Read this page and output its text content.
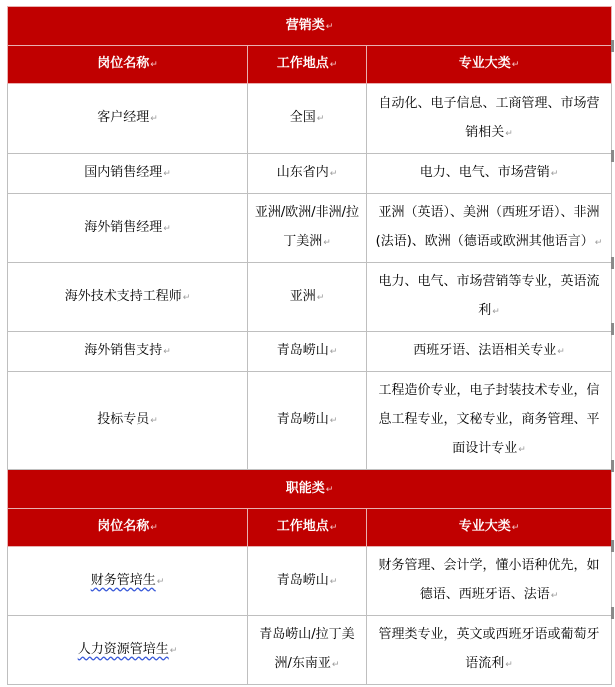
营销类↵		
岗位名称↵	工作地点↵	专业大类↵
客户经理↵	全国↵	自动化、电子信息、工商管理、市场营销相关↵
国内销售经理↵	山东省内↵	电力、电气、市场营销↵
海外销售经理↵	亚洲/欧洲/非洲/拉丁美洲↵	亚洲（英语）、美洲（西班牙语）、非洲(法语)、欧洲（德语或欧洲其他语言）↵
海外技术支持工程师↵	亚洲↵	电力、电气、市场营销等专业，英语流利↵
海外销售支持↵	青岛崂山↵	西班牙语、法语相关专业↵
投标专员↵	青岛崂山↵	工程造价专业，电子封装技术专业，信息工程专业，文秘专业，商务管理、平面设计专业↵
职能类↵		
岗位名称↵	工作地点↵	专业大类↵
财务管培生↵	青岛崂山↵	财务管理、会计学，懂小语种优先，如德语、西班牙语、法语↵
人力资源管培生↵	青岛崂山/拉丁美洲/东南亚↵	管理类专业，英文或西班牙语或葡萄牙语流利↵
